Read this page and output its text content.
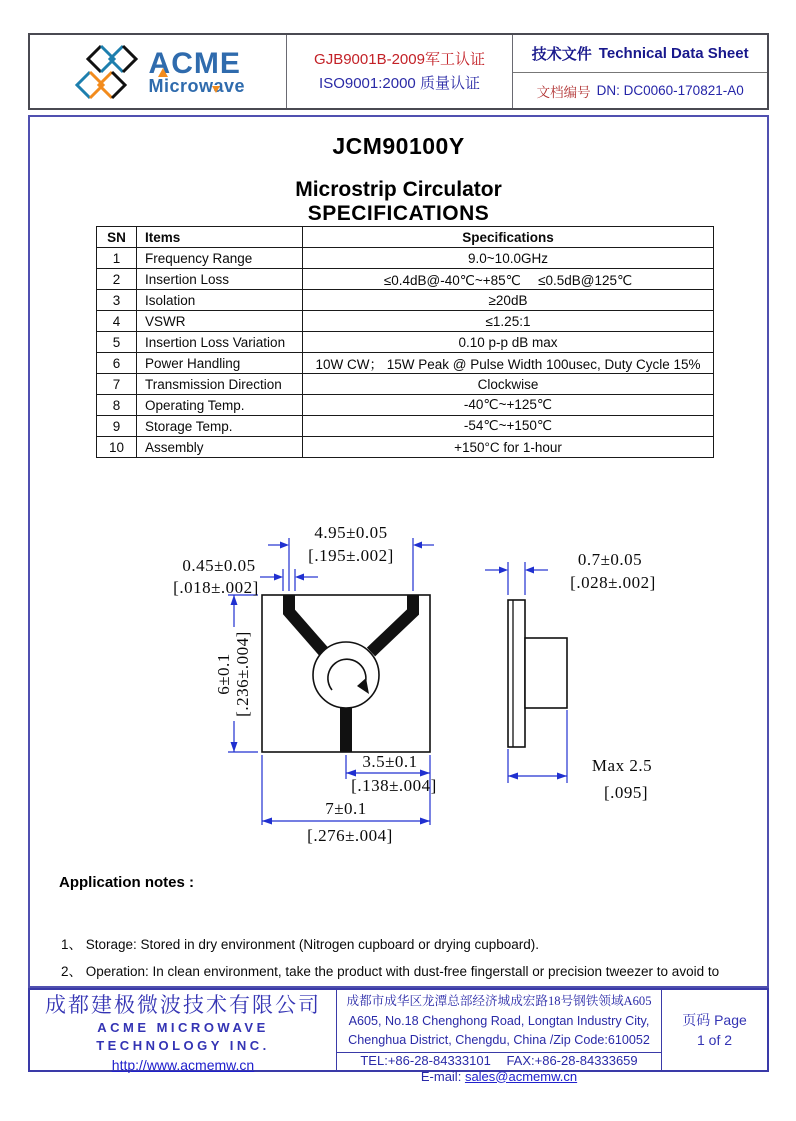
ACME
Microwave
GJB9001B-2009军工认证
ISO9001:2000 质量认证
技术文件 Technical Data Sheet
文档编号 DN: DC0060-170821-A0
JCM90100Y
Microstrip Circulator
SPECIFICATIONS
SN	Items	Specifications
1	Frequency Range	9.0~10.0GHz
2	Insertion Loss	≤0.4dB@-40℃~+85℃　 ≤0.5dB@125℃
3	Isolation	≥20dB
4	VSWR	≤1.25:1
5	Insertion Loss Variation	0.10 p-p dB max
6	Power Handling	10W CW； 15W Peak @ Pulse Width 100usec, Duty Cycle 15%
7	Transmission Direction	Clockwise
8	Operating Temp.	-40℃~+125℃
9	Storage Temp.	-54℃~+150℃
10	Assembly	+150°C for 1-hour
4.95±0.05
[.195±.002]
0.45±0.05
[.018±.002]
6±0.1 [.236±.004]
3.5±0.1
[.138±.004]
7±0.1
[.276±.004]
0.7±0.05
[.028±.002]
Max 2.5
[.095]
Application notes :
1、 Storage: Stored in dry environment (Nitrogen cupboard or drying cupboard).
2、 Operation: In clean environment, take the product with dust-free fingerstall or precision tweezer to avoid to
成都建极微波技术有限公司
ACME MICROWAVE
TECHNOLOGY INC.
http://www.acmemw.cn
成都市成华区龙潭总部经济城成宏路18号钢铁领域A605
A605, No.18 Chenghong Road, Longtan Industry City,
Chenghua District, Chengdu, China /Zip Code:610052
TEL:+86-28-84333101 FAX:+86-28-84333659
E-mail: sales@acmemw.cn
页码 Page
1 of 2
